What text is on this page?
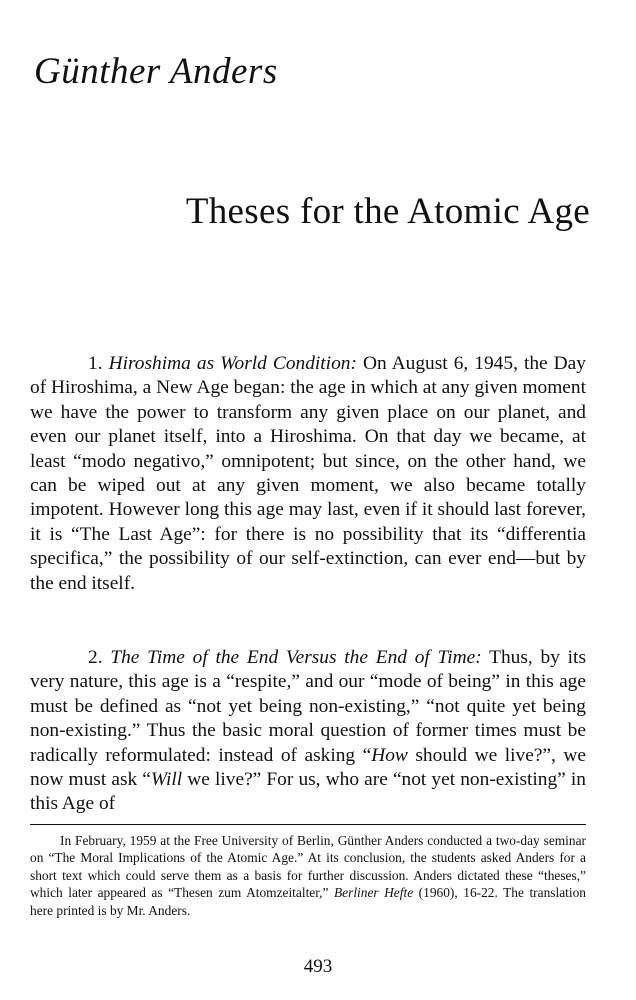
Günther Anders
Theses for the Atomic Age

1. Hiroshima as World Condition: On August 6, 1945, the Day of Hiroshima, a New Age began: the age in which at any given moment we have the power to transform any given place on our planet, and even our planet itself, into a Hiroshima. On that day we became, at least “modo negativo,” omnipotent; but since, on the other hand, we can be wiped out at any given moment, we also became totally impotent. However long this age may last, even if it should last forever, it is “The Last Age”: for there is no possibility that its “differentia specifica,” the possibility of our self-extinction, can ever end—but by the end itself.

2. The Time of the End Versus the End of Time: Thus, by its very nature, this age is a “respite,” and our “mode of being” in this age must be defined as “not yet being non-existing,” “not quite yet being non-existing.” Thus the basic moral question of former times must be radically reformulated: instead of asking “How should we live?”, we now must ask “Will we live?” For us, who are “not yet non-existing” in this Age of

In February, 1959 at the Free University of Berlin, Günther Anders conducted a two-day seminar on “The Moral Implications of the Atomic Age.” At its conclusion, the students asked Anders for a short text which could serve them as a basis for further discussion. Anders dictated these “theses,” which later appeared as “Thesen zum Atomzeitalter,” Berliner Hefte (1960), 16-22. The translation here printed is by Mr. Anders.

493
